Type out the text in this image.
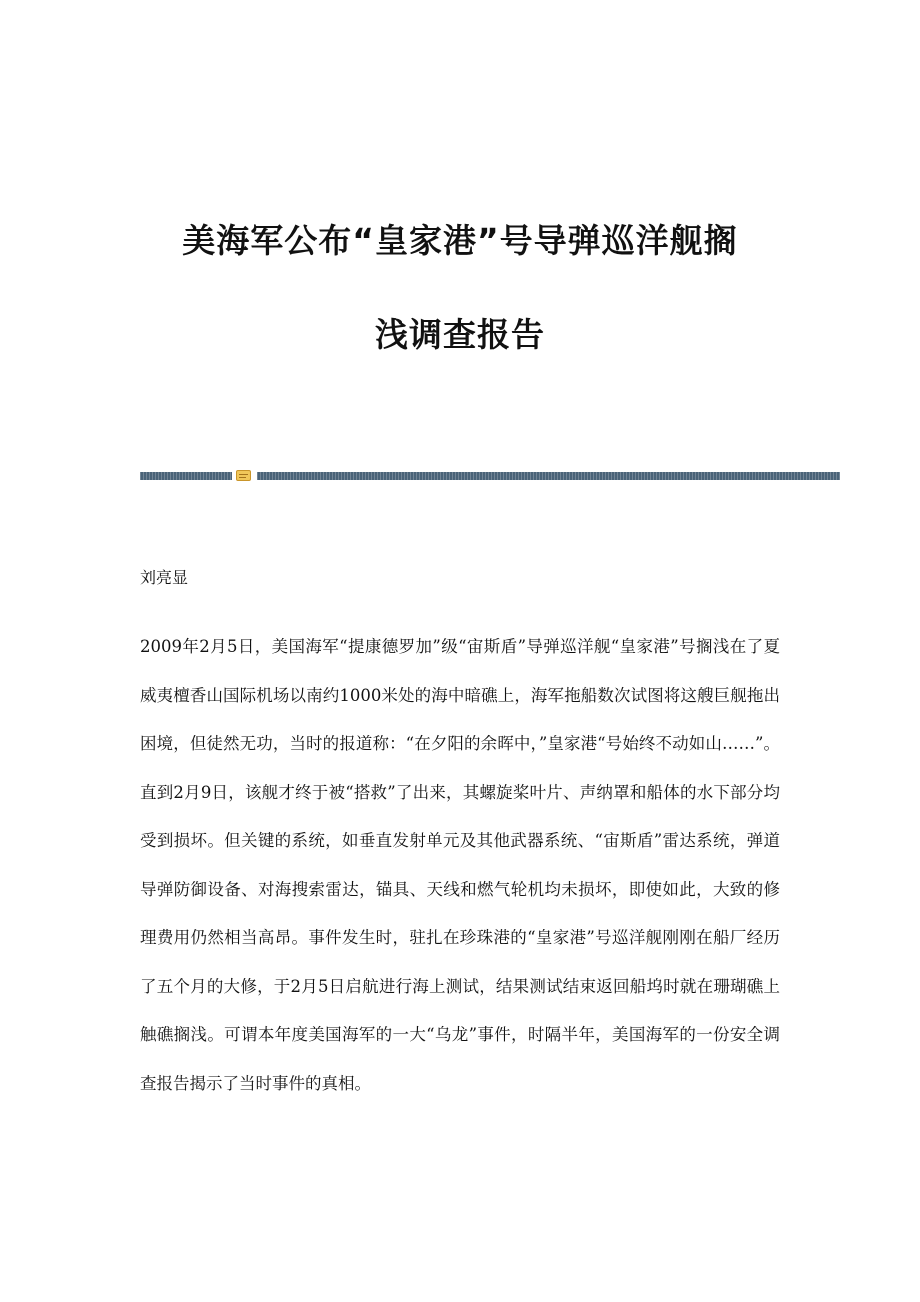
美海军公布“皇家港”号导弹巡洋舰搁
浅调查报告

刘亮显

2009年2月5日，美国海军“提康德罗加”级“宙斯盾”导弹巡洋舰“皇家港”号搁浅在了夏威夷檀香山国际机场以南约1000米处的海中暗礁上，海军拖船数次试图将这艘巨舰拖出困境，但徒然无功，当时的报道称：“在夕阳的余晖中，”皇家港“号始终不动如山……”。直到2月9日，该舰才终于被“搭救”了出来，其螺旋桨叶片、声纳罩和船体的水下部分均受到损坏。但关键的系统，如垂直发射单元及其他武器系统、“宙斯盾”雷达系统，弹道导弹防御设备、对海搜索雷达，锚具、天线和燃气轮机均未损坏，即使如此，大致的修理费用仍然相当高昂。事件发生时，驻扎在珍珠港的“皇家港”号巡洋舰刚刚在船厂经历了五个月的大修，于2月5日启航进行海上测试，结果测试结束返回船坞时就在珊瑚礁上触礁搁浅。可谓本年度美国海军的一大“乌龙”事件，时隔半年，美国海军的一份安全调查报告揭示了当时事件的真相。
